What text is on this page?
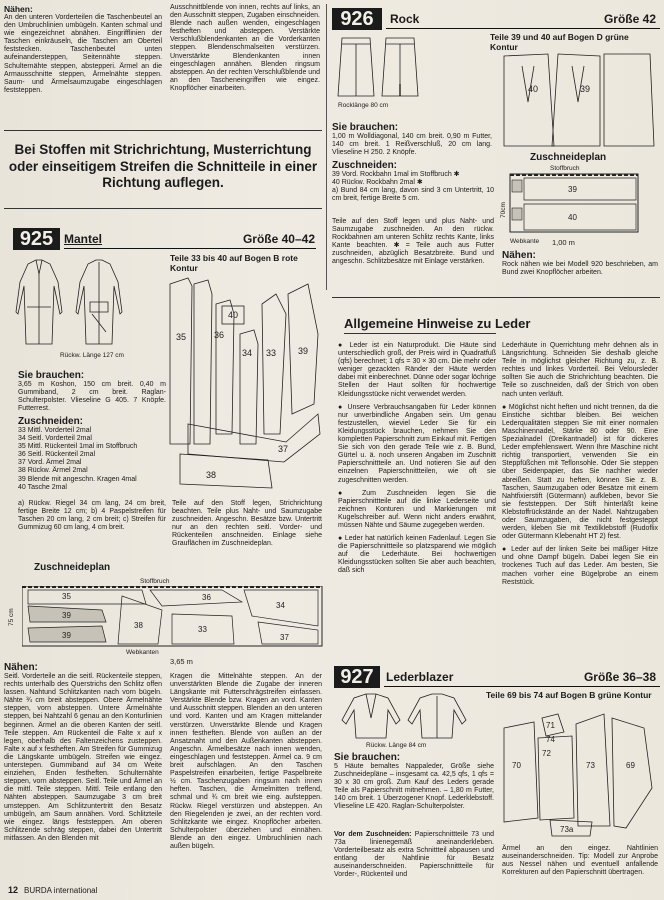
Nähen:
An den unteren Vorderteilen die Taschenbeutel an den Umbruchlinien umbügeln. Kanten schmal und wie eingezeichnet abnähen. Eingrifflinien der Taschen einkräuseln, die Taschen am Oberteil feststecken. Taschenbeutel unten aufeinandersteppen, Seitennähte steppen. Schulternähte steppen, abstepperi. Ärmel an die Armausschnitte steppen, Ärmelnähte steppen. Saum- und Ärmelsaumzugabe eingeschlagen feststeppen.
Ausschnittblende von innen, rechts auf links, an den Ausschnitt steppen, Zugaben einschneiden. Blende nach außen wenden, eingeschlagen festheften und absteppen. Verstärkte Verschlußblendenkanten an die Vorderkanten steppen. Blendenschmalseiten verstürzen. Unverstärkte Blendenkanten innen eingeschlagen annähen. Blenden ringsum absteppen. An der rechten Verschlußblende und an den Tascheneingriffen wie eingez. Knopflöcher einarbeiten.
Bei Stoffen mit Strichrichtung, Musterrichtung oder einseitigem Streifen die Schnitteile in einer Richtung auflegen.
925 Mantel	Größe 40–42
Teile 33 bis 40 auf Bogen B rote Kontur
Rückw. Länge 127 cm
35	36
40
34 33 39
37
38
Sie brauchen:
3,65 m Koshon, 150 cm breit. 0,40 m Gummiband, 2 cm breit. Raglan-Schulterpolster. Vlieseline G 405. 7 Knöpfe. Futterrest.
Zuschneiden:
33 Mittl. Vorderteil 2mal
34 Seitl. Vorderteil 2mal
35 Mittl. Rückenteil 1mal im Stoffbruch
36 Seitl. Rückenteil 2mal
37 Vord. Ärmel 2mal
38 Rückw. Ärmel 2mal
39 Blende mit angeschn. Kragen 4mal
40 Tasche 2mal
a) Rückw. Riegel 34 cm lang, 24 cm breit, fertige Breite 12 cm; b) 4 Paspelstreifen für Taschen 20 cm lang, 2 cm breit; c) Streifen für Gummizug 60 cm lang, 4 cm breit.
Teile auf den Stoff legen, Strichrichtung beachten. Teile plus Naht- und Saumzugabe zuschneiden. Angeschn. Besätze bzw. Untertritt nur an den rechten seitl. Vorder- und Rückenteilen anschneiden. Einlage siehe Grauflächen im Zuschneideplan.
Zuschneideplan
Stoffbruch
35
39
39
38	33
36
34
37
75 cm
Webkanten
3,65 m
Nähen:
Seitl. Vorderteile an die seitl. Rückenteile steppen, rechts unterhalb des Querstrichs den Schlitz offen lassen. Nahtund Schlitzkanten nach vorn bügeln. Nähte ¾ cm breit absteppen. Obere Ärmelnähte steppen, vorn absteppen. Untere Ärmelnähte steppen, bei Nahtzahl 6 genau an den Konturlinien beginnen. Ärmel an die oberen Kanten der seitl. Teile steppen. Am Rückenteil die Falte x auf x legen, oberhalb des Faltenzeichens zusteppen. Falte x auf x festheften. Am Streifen für Gummizug die Längskante umbügeln. Streifen wie eingez. unterstepen. Gummiband auf 34 cm Weite einziehen, Enden festheften. Schulternähte steppen, vorn absteppen. Seitl. Teile und Ärmel an die mittl. Teile steppen. Mittl. Teile entlang den Nähten absteppen. Saumzugabe 3 cm breit umsteppen. Am Schlitzuntertritt den Besatz umbügeln, am Saum annähen. Vord. Schlitzteile wie eingez. längs feststeppen. Am oberen Schlitzende schräg steppen, dabei den Untertritt mitfassen. An den Blenden mit
Kragen die Mittelnähte steppen. An der unverstärkten Blende die Zugabe der inneren Längskante mit Futterschrägstreifen einfassen. Verstärkte Blende bzw. Kragen an vord. Kanten und Ausschnitt steppen. Blenden an den unteren und vord. Kanten und am Kragen mittelander verstürzen. Unverstärkte Blende und Kragen innen festheften. Blende von außen an der Ansatznaht und den Außenkanten absteppen. Angeschn. Ärmelbesätze nach innen wenden, eingeschlagen und feststeppen. Ärmel ca. 9 cm breit aufschlagen. An den Taschen Paspelstreifen einarbeiten, fertige Paspelbreite ½ cm. Taschenzugaben ringsum nach innen heften. Taschen, die Ärmelmitten treffend, schmal und ¾ cm breit wie eing. aufsteppen. Rückw. Riegel verstürzen und absteppen. An den Riegelenden je zwei, an der rechten vord. Schlitzkante wie eingez. Knopflöcher arbeiten. Schulterpolster überziehen und einnähen. Blende an den eingez. Umbruchlinien nach außen bügeln.
926	Rock	Größe 42
Teile 39 und 40 auf Bogen D grüne Kontur
Rocklänge 80 cm
40	39
Sie brauchen:
1,00 m Wolldiagonal, 140 cm breit. 0,90 m Futter, 140 cm breit. 1 Reißverschluß, 20 cm lang. Vlieseline H 250. 2 Knöpfe.
Zuschneiden:
39 Vord. Rockbahn 1mal im Stoffbruch ✱
40 Rückw. Rockbahn 2mal ✱
a) Bund 84 cm lang, davon sind 3 cm Untertritt, 10 cm breit, fertige Breite 5 cm.
Teile auf den Stoff legen und plus Naht- und Saumzugabe zuschneiden. An den rückw. Rockbahnen am unteren Schlitz rechts Kante, links Kante beachten. ✱ = Teile auch aus Futter zuschneiden, abzüglich Besatzbreite. Bund und angeschn. Schlitzbesätze mit Einlage verstärken.
Zuschneideplan
Stoffbruch
39
40
70cm
Webkante 1,00 m
Nähen:
Rock nähen wie bei Modell 920 beschrieben, am Bund zwei Knopflöcher arbeiten.
Allgemeine Hinweise zu Leder
● Leder ist ein Naturprodukt. Die Häute sind unterschiedlich groß, der Preis wird in Quadratfuß (qfs) berechnet; 1 qfs = 30 × 30 cm. Die mehr oder weniger gezackten Ränder der Häute werden dabei mit einberechnet. Dünne oder sogar löchrige Stellen der Haut sollten für hochwertige Kleidungsstücke nicht verwendet werden.
● Unsere Verbrauchsangaben für Leder können nur unverbindliche Angaben sein. Um genau festzustellen, wieviel Leder Sie für ein Kleidungsstück brauchen, nehmen Sie den kompletten Papierschnitt zum Einkauf mit. Fertigen Sie sich von den gerade Teile wie z. B. Bund, Gürtel u. ä. noch unseren Angaben im Zuschnitt Papierschnittteile an. Und notieren Sie auf den einzelnen Papierschnittteilen, wie oft sie zugeschnitten werden.
● Zum Zuschneiden legen Sie die Papierschnittteile auf die linke Lederseite und zeichnen Konturen und Markierungen mit Kugelschreiber auf. Wenn nicht anders erwähnt, müssen Nähte und Säume zugegeben werden.
● Leder hat natürlich keinen Fadenlauf. Legen Sie die Papierschnittteile so platzsparend wie möglich auf die Lederhäute. Bei hochwertigen Kleidungsstücken sollten Sie aber auch beachten, daß sich
Lederhäute in Querrichtung mehr dehnen als in Längsrichtung. Schneiden Sie deshalb gleiche Teile in möglichst gleicher Richtung zu, z. B. rechtes und linkes Vorderteil. Bei Veloursleder sollten Sie auch die Strichrichtung beachten. Die Teile so zuschneiden, daß der Strich von oben nach unten verläuft.
● Möglichst nicht heften und nicht trennen, da die Einstiche sichtbar bleiben. Bei weichen Lederqualitäten steppen Sie mit einer normalen Maschinennadel, Stärke 80 oder 90. Eine Spezialnadel (Dreikantnadel) ist für dickeres Leder empfehlenswert. Wenn Ihre Maschine nicht richtig transportiert, verwenden Sie ein Steppfüßchen mit Teflonsohle. Oder Sie steppen über Seidenpapier, das Sie nachher wieder abreißen. Statt zu heften, können Sie z. B. Taschen, Saumzugaben oder Besätze mit einem Nahtfixierstift (Gütermann) aufkleben, bevor Sie sie feststeppen. Der Stift hinterläßt keine Klebstoffrückstände an der Nadel. Nahtzugaben oder Saumzugaben, die nicht festgesteppt werden, kleben Sie mit Textilklebstoff (Rudoflix oder Gütermann Klebenaht HT 2) fest.
● Leder auf der linken Seite bei mäßiger Hitze und ohne Dampf bügeln. Dabei legen Sie ein trockenes Tuch auf das Leder. Am besten, Sie machen vorher eine Bügelprobe an einem Reststück.
927	Lederblazer	Größe 36–38
Teile 69 bis 74 auf Bogen B grüne Kontur
Rückw. Länge 84 cm
71
74
72
70	73	69
73a
Sie brauchen:
5 Häute bemaltes Nappaleder, Größe siehe Zuschneidepläne – insgesamt ca. 42,5 qfs, 1 qfs = 30 x 30 cm groß. Zum Kauf des Leders gerade Teile als Papierschnitt mitnehmen. – 1,80 m Futter, 140 cm breit. 1 Überzogener Knopf. Lederklebstoff. Vlieseline LE 420. Raglan-Schulterpolster.
Vor dem Zuschneiden: Papierschnittteile 73 und 73a linienegemäß aneinanderkleben. Vorderteilbesatz als extra Schnittteil abpausen und entlang der Nahtlinie für Besatz auseinanderschneiden. Papierschnittteile für Vorder-, Rückenteil und
Ärmel an den eingez. Nahtlinien auseinanderschneiden. Tip: Modell zur Anprobe aus Nessel nähen und eventuell anfallende Korrekturen auf den Papierschnitt übertragen.
12 BURDA international
